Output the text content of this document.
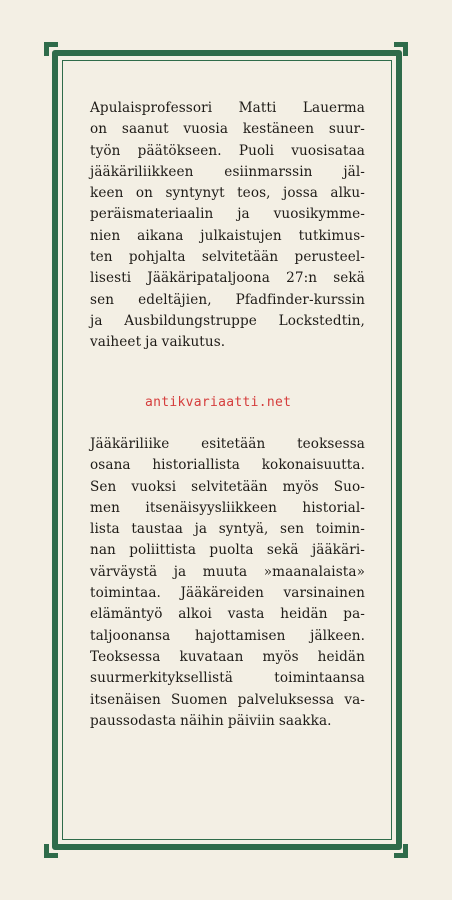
Apulaisprofessori Matti Lauerma
on saanut vuosia kestäneen suur-
työn päätökseen. Puoli vuosisataa
jääkäriliikkeen esiinmarssin jäl-
keen on syntynyt teos, jossa alku-
peräismateriaalin ja vuosikymme-
nien aikana julkaistujen tutkimus-
ten pohjalta selvitetään perusteel-
lisesti Jääkäripataljoona 27:n sekä
sen edeltäjien, Pfadfinder-kurssin
ja Ausbildungstruppe Lockstedtin,
vaiheet ja vaikutus.
Jääkäriliike esitetään teoksessa
osana historiallista kokonaisuutta.
Sen vuoksi selvitetään myös Suo-
men itsenäisyysliikkeen historial-
lista taustaa ja syntyä, sen toimin-
nan poliittista puolta sekä jääkäri-
värväystä ja muuta »maanalaista»
toimintaa. Jääkäreiden varsinainen
elämäntyö alkoi vasta heidän pa-
taljoonansa hajottamisen jälkeen.
Teoksessa kuvataan myös heidän
suurmerkityksellistä	toimintaansa
itsenäisen Suomen palveluksessa va-
paussodasta näihin päiviin saakka.
antikvariaatti.net
